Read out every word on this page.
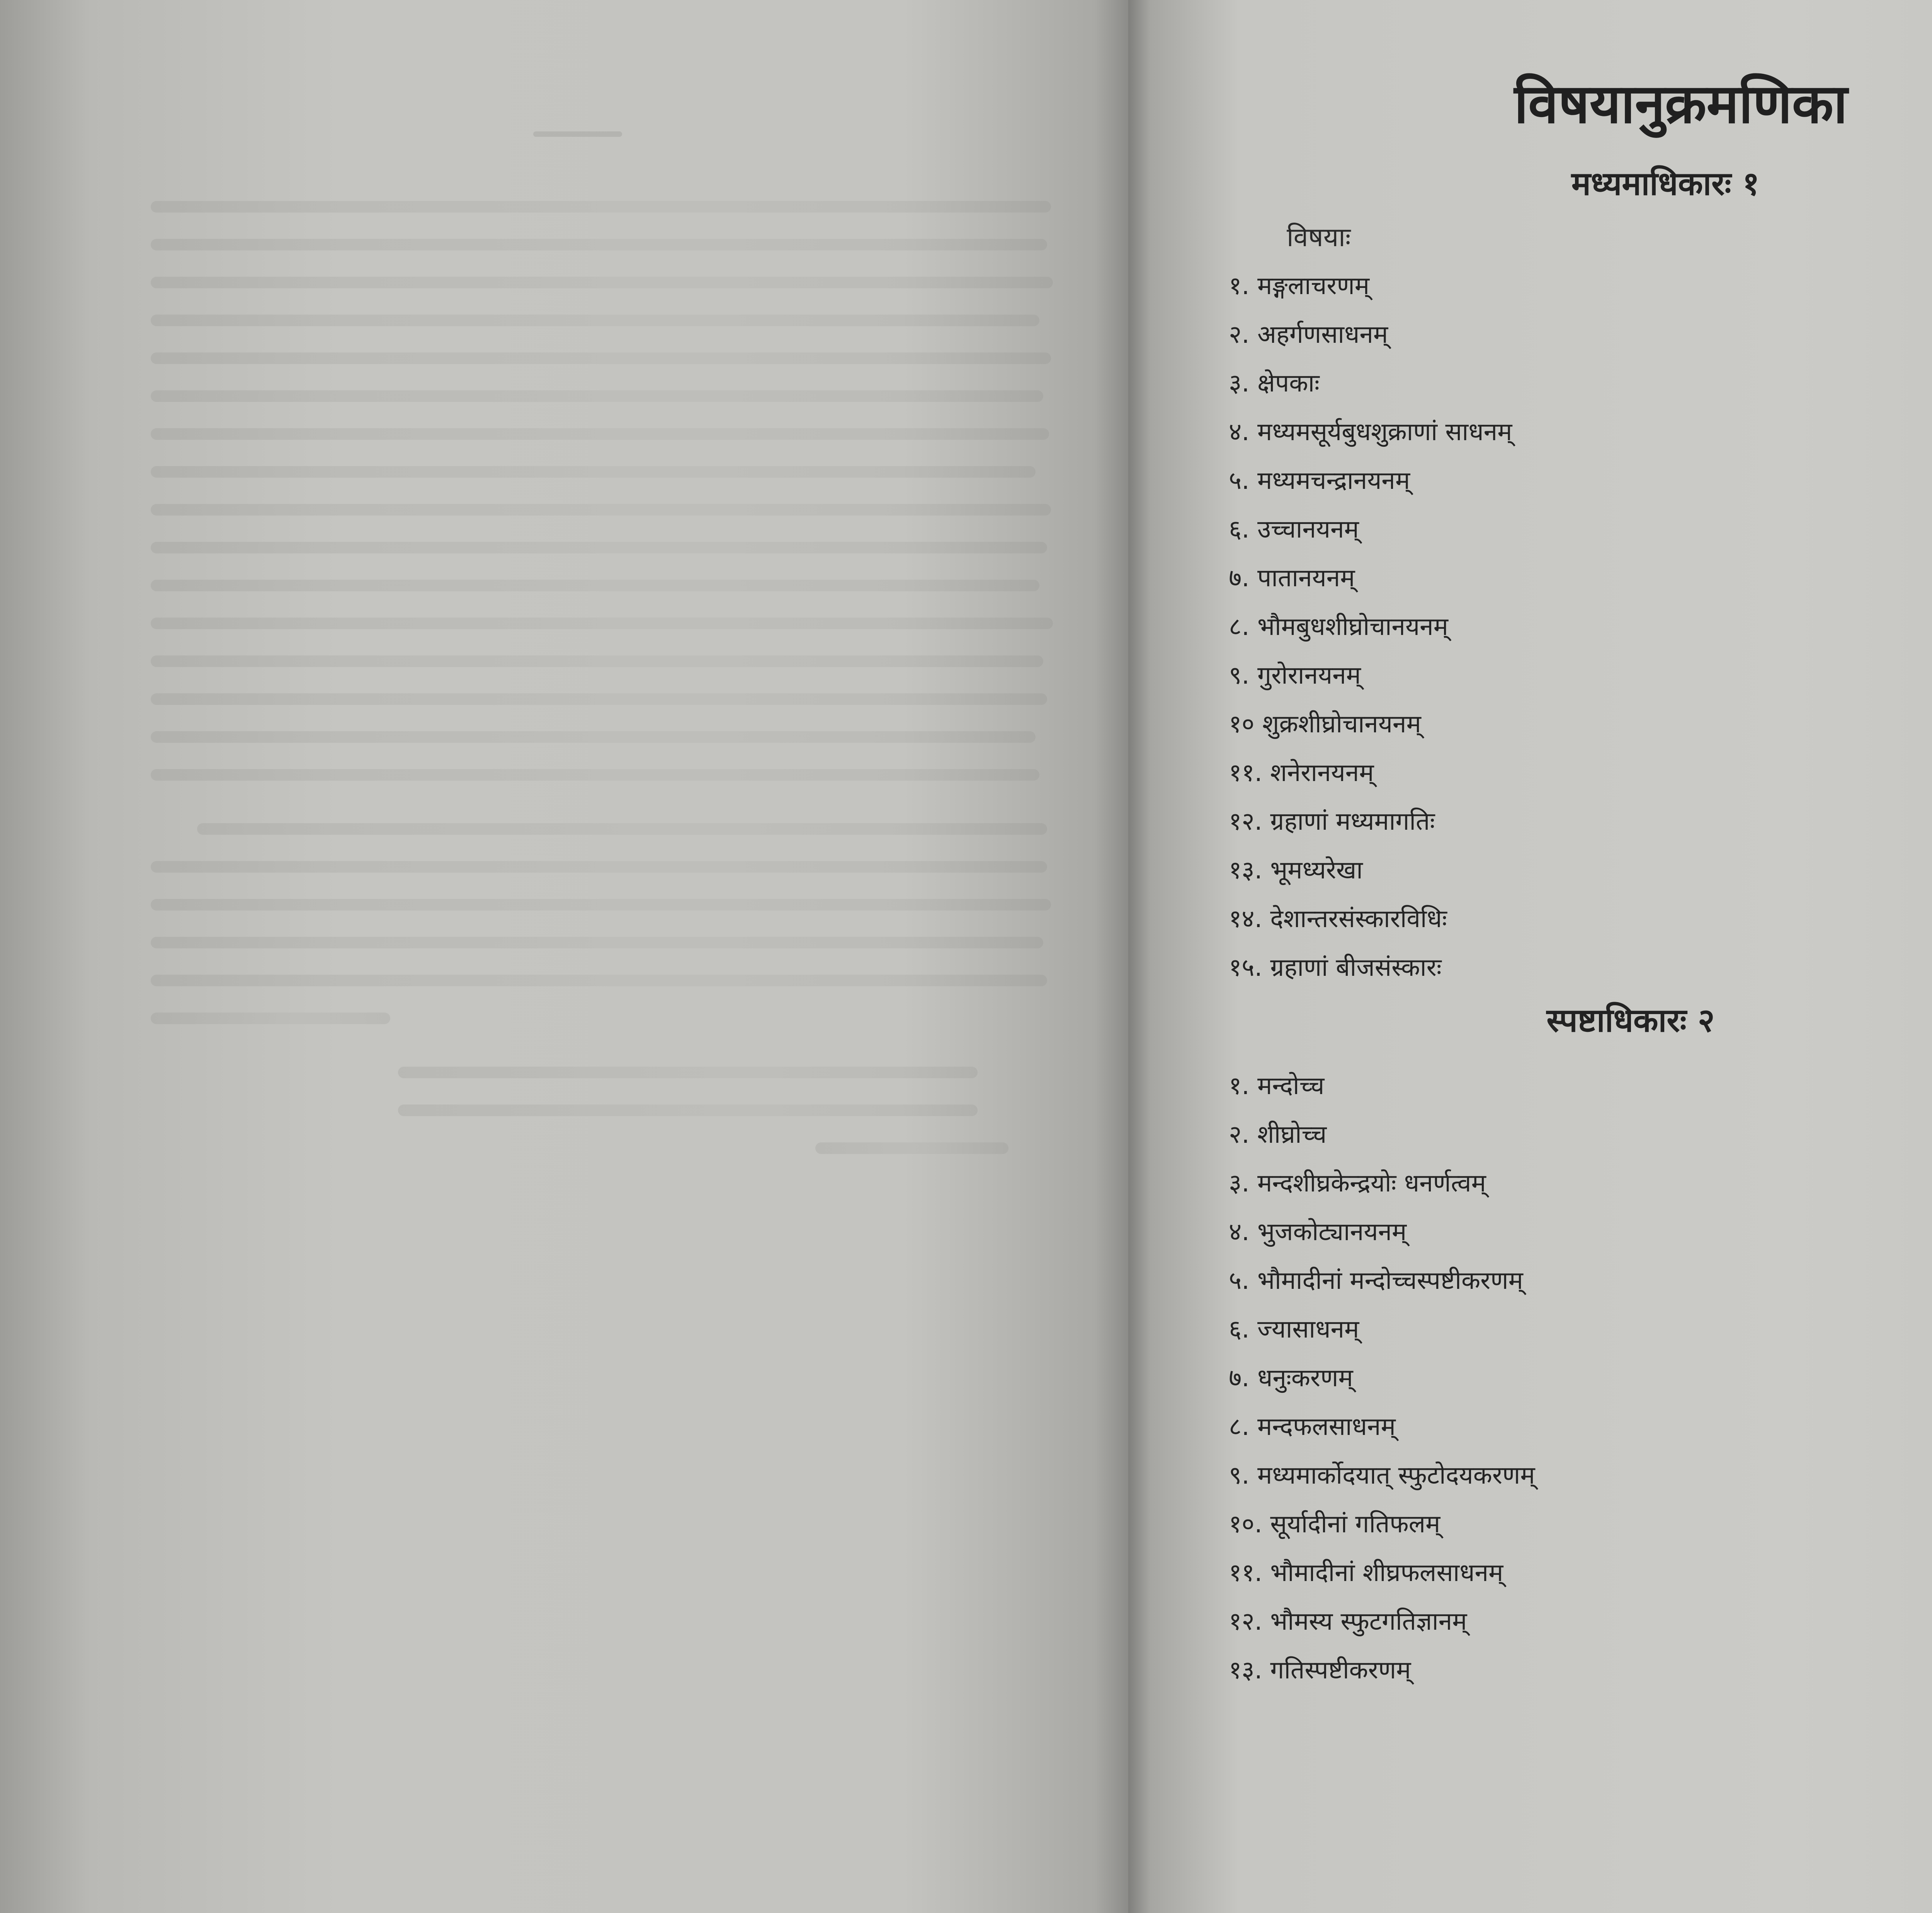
विषयानुक्रमणिका
मध्यमाधिकारः १
विषयाः
१. मङ्गलाचरणम्
२. अहर्गणसाधनम्
३. क्षेपकाः
४. मध्यमसूर्यबुधशुक्राणां साधनम्
५. मध्यमचन्द्रानयनम्
६. उच्चानयनम्
७. पातानयनम्
८. भौमबुधशीघ्रोचानयनम्
९. गुरोरानयनम्
१० शुक्रशीघ्रोचानयनम्
११. शनेरानयनम्
१२. ग्रहाणां मध्यमागतिः
१३. भूमध्यरेखा
१४. देशान्तरसंस्कारविधिः
१५. ग्रहाणां बीजसंस्कारः
स्पष्टाधिकारः २
१. मन्दोच्च
२. शीघ्रोच्च
३. मन्दशीघ्रकेन्द्रयोः धनर्णत्वम्
४. भुजकोट्यानयनम्
५. भौमादीनां मन्दोच्चस्पष्टीकरणम्
६. ज्यासाधनम्
७. धनुःकरणम्
८. मन्दफलसाधनम्
९. मध्यमार्कोदयात् स्फुटोदयकरणम्
१०. सूर्यादीनां गतिफलम्
११. भौमादीनां शीघ्रफलसाधनम्
१२. भौमस्य स्फुटगतिज्ञानम्
१३. गतिस्पष्टीकरणम्
